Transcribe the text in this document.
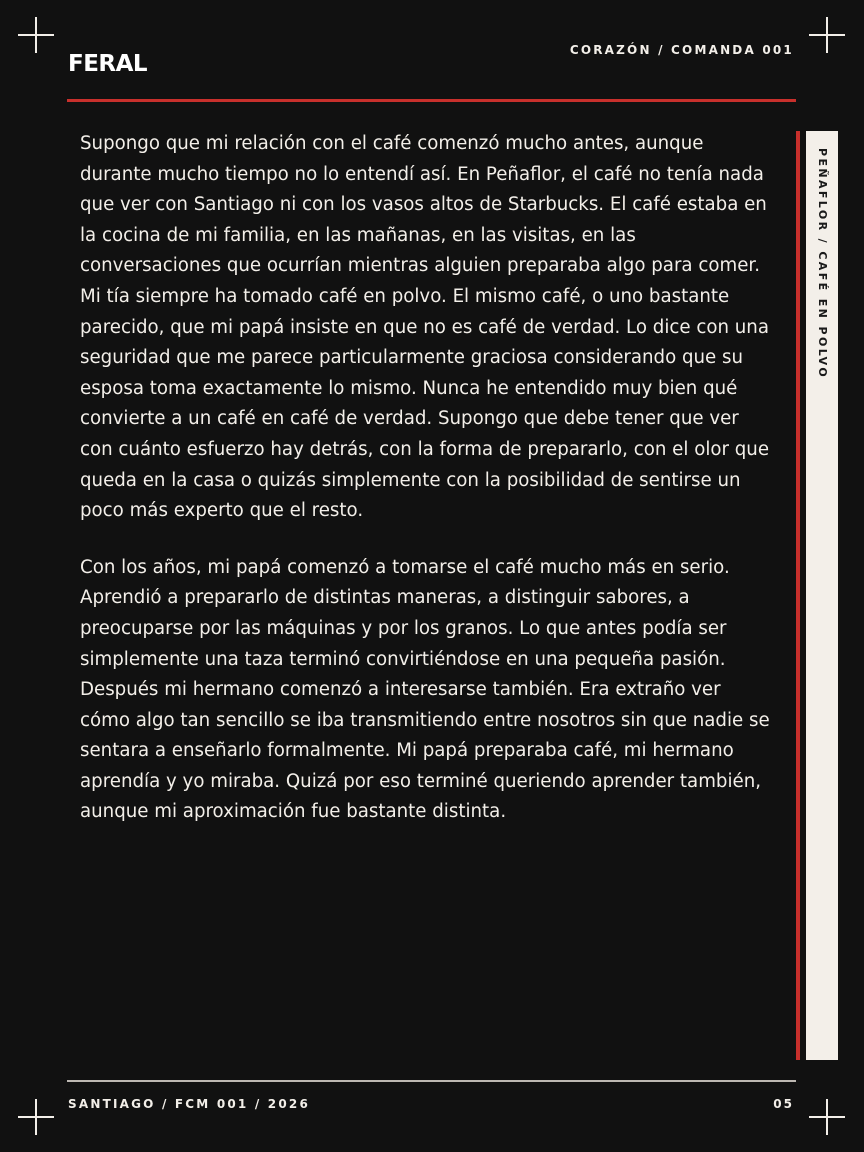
FERAL
CORAZÓN / COMANDA 001

Supongo que mi relación con el café comenzó mucho antes, aunque durante mucho tiempo no lo entendí así. En Peñaflor, el café no tenía nada que ver con Santiago ni con los vasos altos de Starbucks. El café estaba en la cocina de mi familia, en las mañanas, en las visitas, en las conversaciones que ocurrían mientras alguien preparaba algo para comer. Mi tía siempre ha tomado café en polvo. El mismo café, o uno bastante parecido, que mi papá insiste en que no es café de verdad. Lo dice con una seguridad que me parece particularmente graciosa considerando que su esposa toma exactamente lo mismo. Nunca he entendido muy bien qué convierte a un café en café de verdad. Supongo que debe tener que ver con cuánto esfuerzo hay detrás, con la forma de prepararlo, con el olor que queda en la casa o quizás simplemente con la posibilidad de sentirse un poco más experto que el resto.

Con los años, mi papá comenzó a tomarse el café mucho más en serio. Aprendió a prepararlo de distintas maneras, a distinguir sabores, a preocuparse por las máquinas y por los granos. Lo que antes podía ser simplemente una taza terminó convirtiéndose en una pequeña pasión. Después mi hermano comenzó a interesarse también. Era extraño ver cómo algo tan sencillo se iba transmitiendo entre nosotros sin que nadie se sentara a enseñarlo formalmente. Mi papá preparaba café, mi hermano aprendía y yo miraba. Quizá por eso terminé queriendo aprender también, aunque mi aproximación fue bastante distinta.

PEÑAFLOR / CAFÉ EN POLVO
SANTIAGO / FCM 001 / 2026	05
